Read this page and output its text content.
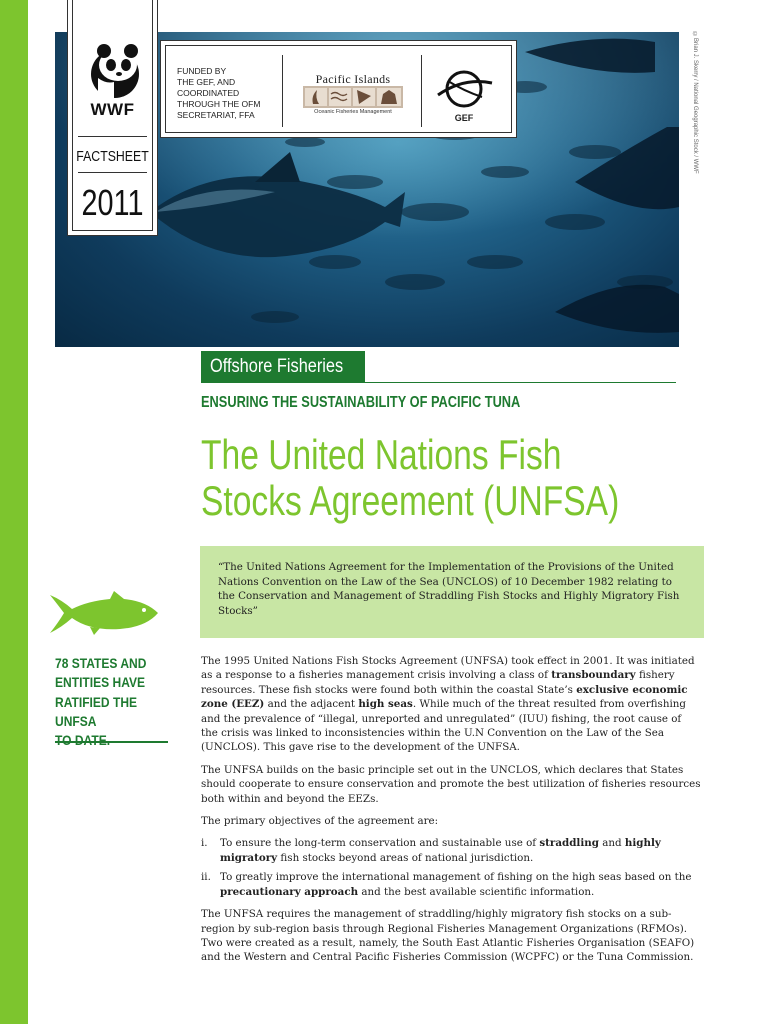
©Brian J. Skerry / National Geographic Stock / WWF
WWF
FACTSHEET
2011
FUNDED BY
THE GEF, AND
COORDINATED
THROUGH THE OFM
SECRETARIAT, FFA
Pacific Islands
Oceanic Fisheries Management
GEF
Offshore Fisheries
ENSURING THE SUSTAINABILITY OF PACIFIC TUNA
The United Nations Fish
Stocks Agreement (UNFSA)
“The United Nations Agreement for the Implementation of the Provisions of the United Nations Convention on the Law of the Sea (UNCLOS) of 10 December 1982 relating to the Conservation and Management of Straddling Fish Stocks and Highly Migratory Fish Stocks”
78 STATES AND
ENTITIES HAVE
RATIFIED THE UNFSA
TO DATE.

The 1995 United Nations Fish Stocks Agreement (UNFSA) took effect in 2001. It was initiated as a response to a fisheries management crisis involving a class of transboundary fishery resources. These fish stocks were found both within the coastal State’s exclusive economic zone (EEZ) and the adjacent high seas. While much of the threat resulted from overfishing and the prevalence of “illegal, unreported and unregulated” (IUU) fishing, the root cause of the crisis was linked to inconsistencies within the U.N Convention on the Law of the Sea (UNCLOS). This gave rise to the development of the UNFSA.

The UNFSA builds on the basic principle set out in the UNCLOS, which declares that States should cooperate to ensure conservation and promote the best utilization of fisheries resources both within and beyond the EEZs.

The primary objectives of the agreement are:

i. To ensure the long-term conservation and sustainable use of straddling and highly migratory fish stocks beyond areas of national jurisdiction.
ii. To greatly improve the international management of fishing on the high seas based on the precautionary approach and the best available scientific information.

The UNFSA requires the management of straddling/highly migratory fish stocks on a sub-region by sub-region basis through Regional Fisheries Management Organizations (RFMOs). Two were created as a result, namely, the South East Atlantic Fisheries Organisation (SEAFO) and the Western and Central Pacific Fisheries Commission (WCPFC) or the Tuna Commission.
